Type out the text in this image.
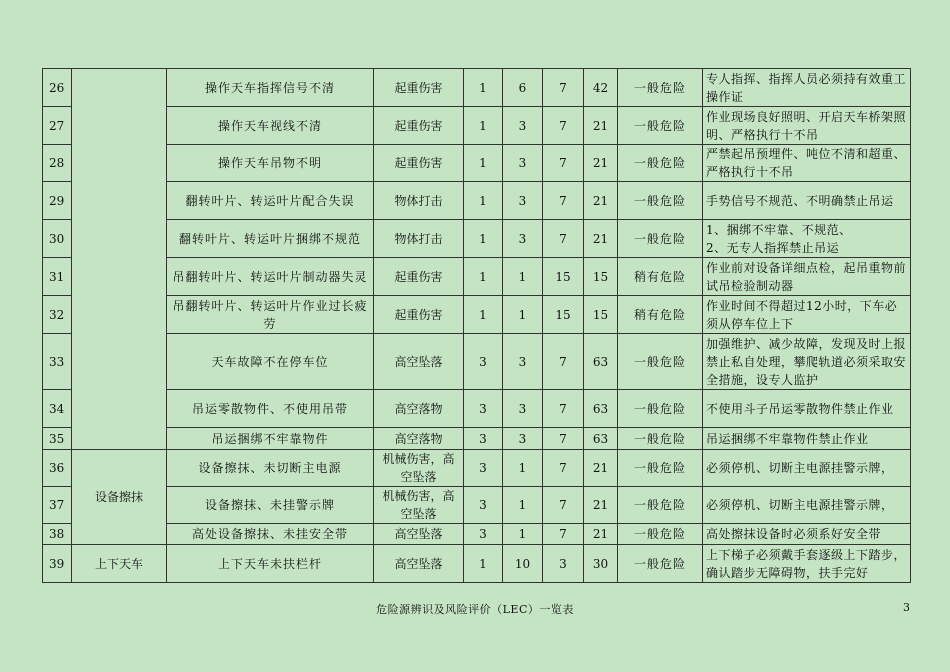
26		操作天车指挥信号不清	起重伤害	1	6	7	42	一般危险	专人指挥、指挥人员必须持有效重工操作证
27		操作天车视线不清	起重伤害	1	3	7	21	一般危险	作业现场良好照明、开启天车桥架照明、严格执行十不吊
28		操作天车吊物不明	起重伤害	1	3	7	21	一般危险	严禁起吊预埋件、吨位不清和超重、严格执行十不吊
29		翻转叶片、转运叶片配合失误	物体打击	1	3	7	21	一般危险	手势信号不规范、不明确禁止吊运
30		翻转叶片、转运叶片捆绑不规范	物体打击	1	3	7	21	一般危险	1、捆绑不牢靠、不规范、
2、无专人指挥禁止吊运
31		吊翻转叶片、转运叶片制动器失灵	起重伤害	1	1	15	15	稍有危险	作业前对设备详细点检，起吊重物前试吊检验制动器
32		吊翻转叶片、转运叶片作业过长疲劳	起重伤害	1	1	15	15	稍有危险	作业时间不得超过12小时，下车必须从停车位上下
33		天车故障不在停车位	高空坠落	3	3	7	63	一般危险	加强维护、减少故障，发现及时上报禁止私自处理，攀爬轨道必须采取安全措施，设专人监护
34		吊运零散物件、不使用吊带	高空落物	3	3	7	63	一般危险	不使用斗子吊运零散物件禁止作业
35		吊运捆绑不牢靠物件	高空落物	3	3	7	63	一般危险	吊运捆绑不牢靠物件禁止作业
36	设备擦抹	设备擦抹、未切断主电源	机械伤害，高空坠落	3	1	7	21	一般危险	必须停机、切断主电源挂警示牌，
37		设备擦抹、未挂警示牌	机械伤害，高空坠落	3	1	7	21	一般危险	必须停机、切断主电源挂警示牌，
38		高处设备擦抹、未挂安全带	高空坠落	3	1	7	21	一般危险	高处擦抹设备时必须系好安全带
39	上下天车	上下天车未扶栏杆	高空坠落	1	10	3	30	一般危险	上下梯子必须戴手套逐级上下踏步，确认踏步无障碍物，扶手完好
危险源辨识及风险评价（LEC）一览表	3
